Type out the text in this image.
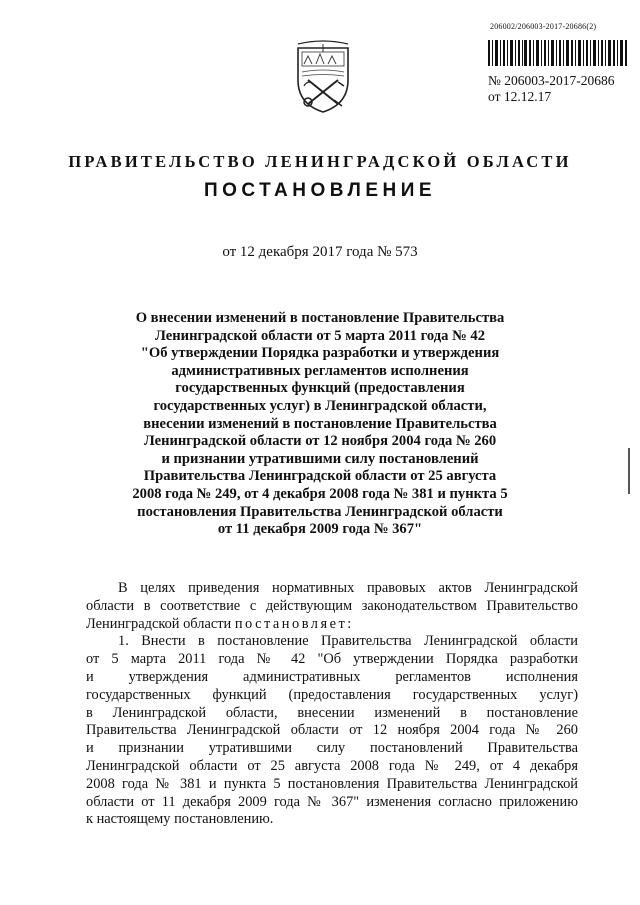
206002/206003-2017-20686(2)
№ 206003-2017-20686
от 12.12.17
ПРАВИТЕЛЬСТВО ЛЕНИНГРАДСКОЙ ОБЛАСТИ
ПОСТАНОВЛЕНИЕ
от 12 декабря 2017 года № 573
О внесении изменений в постановление Правительства
Ленинградской области от 5 марта 2011 года № 42
"Об утверждении Порядка разработки и утверждения
административных регламентов исполнения
государственных функций (предоставления
государственных услуг) в Ленинградской области,
внесении изменений в постановление Правительства
Ленинградской области от 12 ноября 2004 года № 260
и признании утратившими силу постановлений
Правительства Ленинградской области от 25 августа
2008 года № 249, от 4 декабря 2008 года № 381 и пункта 5
постановления Правительства Ленинградской области
от 11 декабря 2009 года № 367"
В целях приведения нормативных правовых актов Ленинградской
области в соответствие с действующим законодательством Правительство
Ленинградской области постановляет:
1. Внести в постановление Правительства Ленинградской области
от 5 марта 2011 года № 42 "Об утверждении Порядка разработки
и утверждения административных регламентов исполнения
государственных функций (предоставления государственных услуг)
в Ленинградской области, внесении изменений в постановление
Правительства Ленинградской области от 12 ноября 2004 года № 260
и признании утратившими силу постановлений Правительства
Ленинградской области от 25 августа 2008 года № 249, от 4 декабря
2008 года № 381 и пункта 5 постановления Правительства Ленинградской
области от 11 декабря 2009 года № 367" изменения согласно приложению
к настоящему постановлению.
